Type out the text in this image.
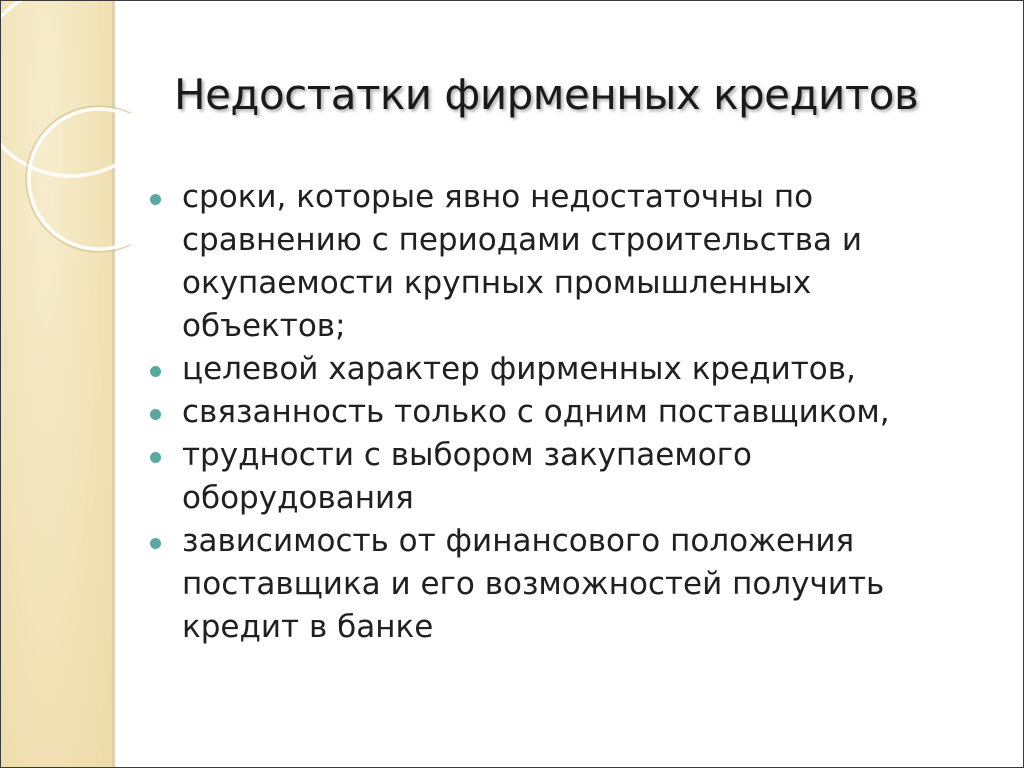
Недостатки фирменных кредитов
сроки, которые явно недостаточны по сравнению с периодами строительства и окупаемости крупных промышленных объектов;
целевой характер фирменных кредитов,
связанность только с одним поставщиком,
трудности с выбором закупаемого оборудования
зависимость от финансового положения поставщика и его возможностей получить кредит в банке
